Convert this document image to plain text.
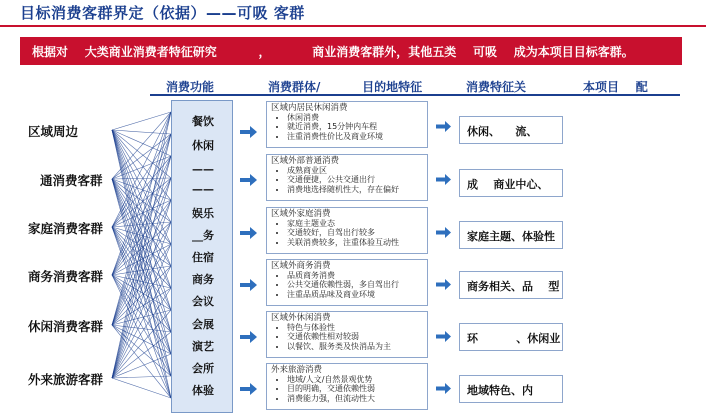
目标消费客群界定（依据）——可吸 客群
根据对    大类商业消费者特征研究          ，          商业消费客群外，其他五类    可吸    成为本项目目标客群。
消费功能	消费群体/          目的地特征	消费特征关	本项目    配
区域周边
通消费客群
家庭消费客群
商务消费客群
休闲消费客群
外来旅游客群
餐饮
休闲
——
——
娱乐
__务
住宿
商务
会议
会展
演艺
会所
体验
区域内居民休闲消费
• 休闲消费
• 就近消费，15分钟内车程
• 注重消费性价比及商业环境
区域外部普通消费
• 成熟商业区
• 交通便捷，公共交通出行
• 消费地选择随机性大，存在偏好
区域外家庭消费
• 家庭主题业态
• 交通较好，自驾出行较多
• 关联消费较多，注重体验互动性
区域外商务消费
• 品质商务消费
• 公共交通依赖性弱，多自驾出行
• 注重品质品味及商业环境
区域外休闲消费
• 特色与体验性
• 交通依赖性相对较弱
• 以餐饮、服务类及快消品为主
外来旅游消费
• 地域/人文/自然景观优势
• 目的明确，交通依赖性弱
• 消费能力强，但流动性大
休闲、    流、
成    商业中心、
家庭主题、体验性
商务相关、品    型
环          、休闲业
地域特色、内
